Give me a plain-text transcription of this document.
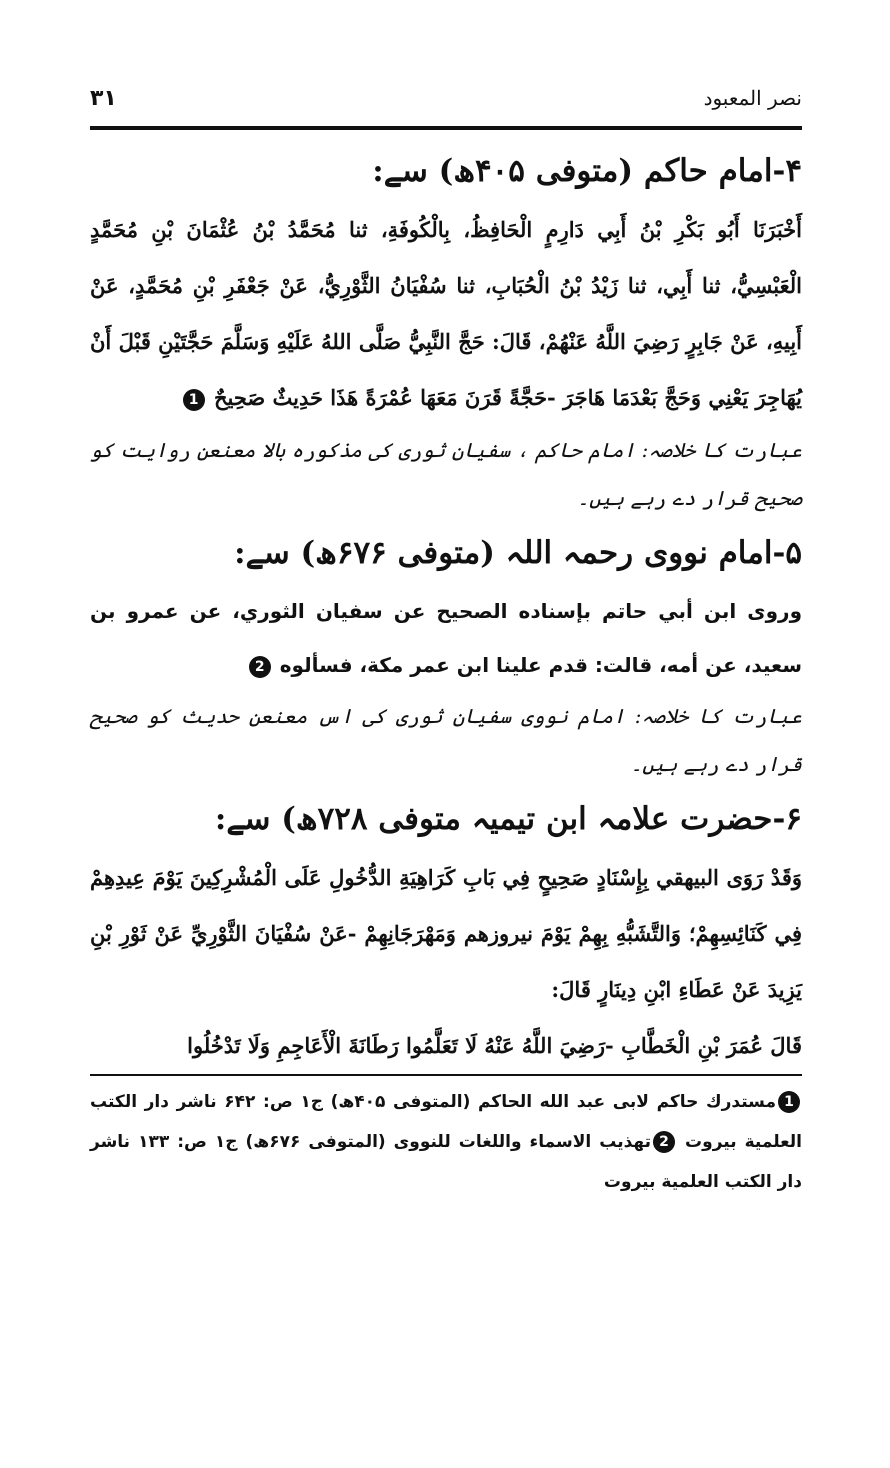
نصر المعبود
۳۱
۴-امام حاکم (متوفی ۴۰۵ھ) سے:

أَخْبَرَنَا أَبُو بَكْرِ بْنُ أَبِي دَارِمٍ الْحَافِظُ، بِالْكُوفَةِ، ثنا مُحَمَّدُ بْنُ عُثْمَانَ بْنِ مُحَمَّدٍ الْعَبْسِيُّ، ثنا أَبِي، ثنا زَيْدُ بْنُ الْحُبَابِ، ثنا سُفْيَانُ الثَّوْرِيُّ، عَنْ جَعْفَرِ بْنِ مُحَمَّدٍ، عَنْ أَبِيهِ، عَنْ جَابِرٍ رَضِيَ اللَّهُ عَنْهُمْ، قَالَ: حَجَّ النَّبِيُّ صَلَّى اللهُ عَلَيْهِ وَسَلَّمَ حَجَّتَيْنِ قَبْلَ أَنْ يُهَاجِرَ يَعْنِي وَحَجَّ بَعْدَمَا هَاجَرَ -حَجَّةً قَرَنَ مَعَهَا عُمْرَةً هَذَا حَدِيثٌ صَحِيحٌ 1

عبارت کا خلاصہ: امام حاکم ، سفیان ثوری کی مذکورہ بالا معنعن روایت کو صحیح قرار دے رہے ہیں۔

۵-امام نووی رحمہ اللہ (متوفی ۶۷۶ھ) سے:

وروى ابن أبي حاتم بإسناده الصحيح عن سفيان الثوري، عن عمرو بن سعيد، عن أمه، قالت: قدم علينا ابن عمر مكة، فسألوه 2

عبارت کا خلاصہ: امام نووی سفیان ثوری کی اس معنعن حدیث کو صحیح قرار دے رہے ہیں۔

۶-حضرت علامہ ابن تیمیہ متوفی ۷۲۸ھ) سے:

وَقَدْ رَوَى البيهقي بِإِسْنَادٍ صَحِيحٍ فِي بَابِ كَرَاهِيَةِ الدُّخُولِ عَلَى الْمُشْرِكِينَ يَوْمَ عِيدِهِمْ فِي كَنَائِسِهِمْ؛ وَالتَّشَبُّهِ بِهِمْ يَوْمَ نيروزهم وَمَهْرَجَانِهِمْ -عَنْ سُفْيَانَ الثَّوْرِيِّ عَنْ ثَوْرِ بْنِ يَزِيدَ عَنْ عَطَاءِ ابْنِ دِينَارٍ قَالَ:

قَالَ عُمَرَ بْنِ الْخَطَّابِ -رَضِيَ اللَّهُ عَنْهُ لَا تَعَلَّمُوا رَطَانَةَ الْأَعَاجِمِ وَلَا تَدْخُلُوا

1مستدرك حاكم لابى عبد الله الحاكم (المتوفى ۴۰۵ھ) ج۱ ص: ۶۴۲ ناشر دار الكتب العلمية بيروت 2تهذيب الاسماء واللغات للنووى (المتوفى ۶۷۶ھ) ج۱ ص: ۱۳۳ ناشر دار الكتب العلمية بيروت
